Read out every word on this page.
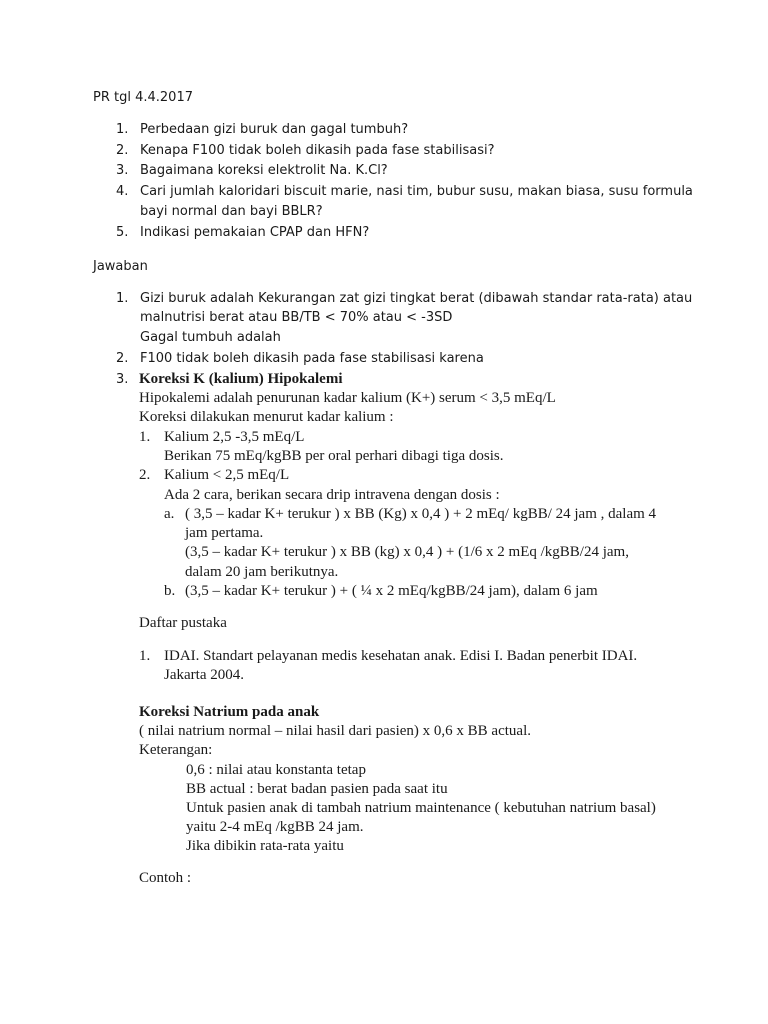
PR tgl 4.4.2017

1. Perbedaan gizi buruk dan gagal tumbuh?

2. Kenapa F100 tidak boleh dikasih pada fase stabilisasi?

3. Bagaimana koreksi elektrolit Na. K.Cl?

4. Cari jumlah kaloridari biscuit marie, nasi tim, bubur susu, makan biasa, susu formula

bayi normal dan bayi BBLR?

5. Indikasi pemakaian CPAP dan HFN?

Jawaban

1. Gizi buruk adalah Kekurangan zat gizi tingkat berat (dibawah standar rata-rata) atau

malnutrisi berat atau BB/TB < 70% atau < -3SD

Gagal tumbuh adalah

2. F100 tidak boleh dikasih pada fase stabilisasi karena

3. Koreksi K (kalium) Hipokalemi

Hipokalemi adalah penurunan kadar kalium (K+) serum < 3,5 mEq/L

Koreksi dilakukan menurut kadar kalium :

1. Kalium 2,5 -3,5 mEq/L

Berikan 75 mEq/kgBB per oral perhari dibagi tiga dosis.

2. Kalium < 2,5 mEq/L

Ada 2 cara, berikan secara drip intravena dengan dosis :

a. ( 3,5 – kadar K+ terukur ) x BB (Kg) x 0,4 ) + 2 mEq/ kgBB/ 24 jam , dalam 4

jam pertama.

(3,5 – kadar K+ terukur ) x BB (kg) x 0,4 ) + (1/6 x 2 mEq /kgBB/24 jam,

dalam 20 jam berikutnya.

b. (3,5 – kadar K+ terukur ) + ( ¼ x 2 mEq/kgBB/24 jam), dalam 6 jam

Daftar pustaka

1. IDAI. Standart pelayanan medis kesehatan anak. Edisi I. Badan penerbit IDAI.

Jakarta 2004.

Koreksi Natrium pada anak

( nilai natrium normal – nilai hasil dari pasien) x 0,6 x BB actual.

Keterangan:

0,6 : nilai atau konstanta tetap

BB actual : berat badan pasien pada saat itu

Untuk pasien anak di tambah natrium maintenance ( kebutuhan natrium basal)

yaitu 2-4 mEq /kgBB 24 jam.

Jika dibikin rata-rata yaitu

Contoh :
